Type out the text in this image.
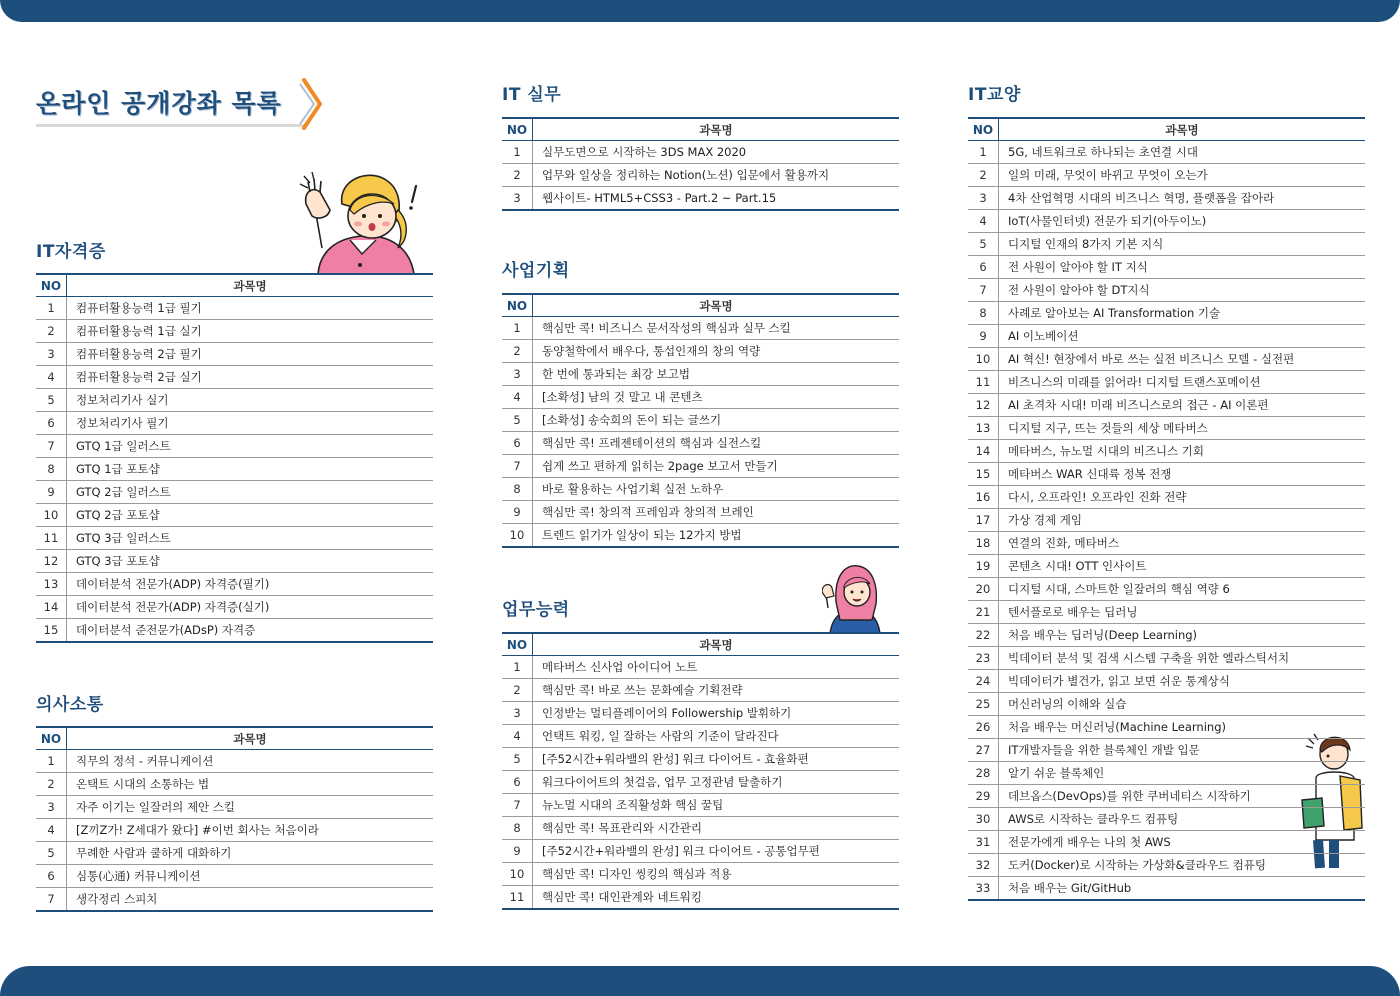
온라인 공개강좌 목록
IT자격증
NO	과목명
1	컴퓨터활용능력 1급 필기
2	컴퓨터활용능력 1급 실기
3	컴퓨터활용능력 2급 필기
4	컴퓨터활용능력 2급 실기
5	정보처리기사 실기
6	정보처리기사 필기
7	GTQ 1급 일러스트
8	GTQ 1급 포토샵
9	GTQ 2급 일러스트
10	GTQ 2급 포토샵
11	GTQ 3급 일러스트
12	GTQ 3급 포토샵
13	데이터분석 전문가(ADP) 자격증(필기)
14	데이터분석 전문가(ADP) 자격증(실기)
15	데이터분석 준전문가(ADsP) 자격증
의사소통
NO	과목명
1	직무의 정석 - 커뮤니케이션
2	온택트 시대의 소통하는 법
3	자주 이기는 일잘러의 제안 스킬
4	[Z끼Z가! Z세대가 왔다] #이번 회사는 처음이라
5	무례한 사람과 쿨하게 대화하기
6	심통(心通) 커뮤니케이션
7	생각정리 스피치
IT 실무
NO	과목명
1	실무도면으로 시작하는 3DS MAX 2020
2	업무와 일상을 정리하는 Notion(노션) 입문에서 활용까지
3	웹사이트- HTML5+CSS3 - Part.2 ~ Part.15
사업기획
NO	과목명
1	핵심만 콕! 비즈니스 문서작성의 핵심과 실무 스킬
2	동양철학에서 배우다, 통섭인재의 창의 역량
3	한 번에 통과되는 최강 보고법
4	[소확성] 남의 것 말고 내 콘텐츠
5	[소확성] 송숙희의 돈이 되는 글쓰기
6	핵심만 콕! 프레젠테이션의 핵심과 실전스킬
7	쉽게 쓰고 편하게 읽히는 2page 보고서 만들기
8	바로 활용하는 사업기획 실전 노하우
9	핵심만 콕! 창의적 프레임과 창의적 브레인
10	트렌드 읽기가 일상이 되는 12가지 방법
업무능력
NO	과목명
1	메타버스 신사업 아이디어 노트
2	핵심만 콕! 바로 쓰는 문화예술 기획전략
3	인정받는 멀티플레이어의 Followership 발휘하기
4	언택트 워킹, 일 잘하는 사람의 기준이 달라진다
5	[주52시간+워라밸의 완성] 워크 다이어트 - 효율화편
6	워크다이어트의 첫걸음, 업무 고정관념 탈출하기
7	뉴노멀 시대의 조직활성화 핵심 꿀팁
8	핵심만 콕! 목표관리와 시간관리
9	[주52시간+워라밸의 완성] 워크 다이어트 - 공통업무편
10	핵심만 콕! 디자인 씽킹의 핵심과 적용
11	핵심만 콕! 대인관계와 네트워킹
IT교양
NO	과목명
1	5G, 네트워크로 하나되는 초연결 시대
2	일의 미래, 무엇이 바뀌고 무엇이 오는가
3	4차 산업혁명 시대의 비즈니스 혁명, 플랫폼을 잡아라
4	IoT(사물인터넷) 전문가 되기(아두이노)
5	디지털 인재의 8가지 기본 지식
6	전 사원이 알아야 할 IT 지식
7	전 사원이 알아야 할 DT지식
8	사례로 알아보는 AI Transformation 기술
9	AI 이노베이션
10	AI 혁신! 현장에서 바로 쓰는 실전 비즈니스 모델 - 실전편
11	비즈니스의 미래를 읽어라! 디지털 트랜스포메이션
12	AI 초격차 시대! 미래 비즈니스로의 접근 - AI 이론편
13	디지털 지구, 뜨는 것들의 세상 메타버스
14	메타버스, 뉴노멀 시대의 비즈니스 기회
15	메타버스 WAR 신대륙 정복 전쟁
16	다시, 오프라인! 오프라인 진화 전략
17	가상 경제 게임
18	연결의 진화, 메타버스
19	콘텐츠 시대! OTT 인사이트
20	디지털 시대, 스마트한 일잘러의 핵심 역량 6
21	텐서플로로 배우는 딥러닝
22	처음 배우는 딥러닝(Deep Learning)
23	빅데이터 분석 및 검색 시스템 구축을 위한 엘라스틱서치
24	빅데이터가 별건가, 읽고 보면 쉬운 통계상식
25	머신러닝의 이해와 실습
26	처음 배우는 머신러닝(Machine Learning)
27	IT개발자들을 위한 블록체인 개발 입문
28	알기 쉬운 블록체인
29	데브옵스(DevOps)를 위한 쿠버네티스 시작하기
30	AWS로 시작하는 클라우드 컴퓨팅
31	전문가에게 배우는 나의 첫 AWS
32	도커(Docker)로 시작하는 가상화&클라우드 컴퓨팅
33	처음 배우는 Git/GitHub
